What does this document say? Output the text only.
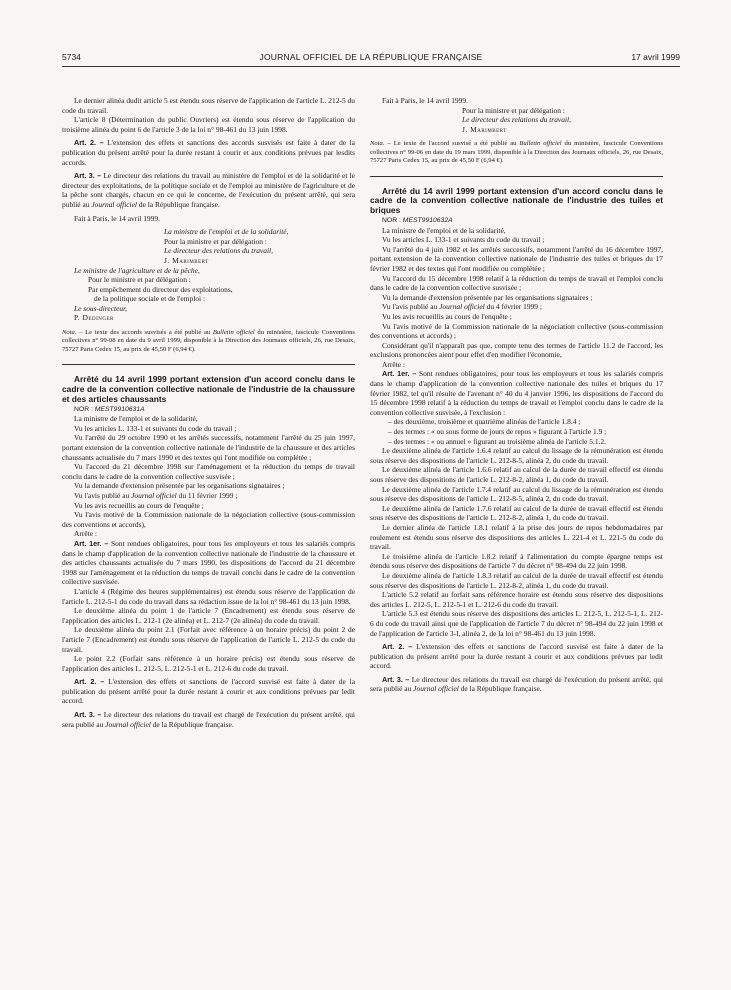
5734	JOURNAL OFFICIEL DE LA RÉPUBLIQUE FRANÇAISE	17 avril 1999

Le dernier alinéa dudit article 5 est étendu sous réserve de l'application de l'article L. 212-5 du code du travail.

L'article 8 (Détermination du public Ouvriers) est étendu sous réserve de l'application du troisième alinéa du point 6 de l'article 3 de la loi n° 98-461 du 13 juin 1998.

Art. 2. – L'extension des effets et sanctions des accords susvisés est faite à dater de la publication du présent arrêté pour la durée restant à courir et aux conditions prévues par lesdits accords.

Art. 3. – Le directeur des relations du travail au ministère de l'emploi et de la solidarité et le directeur des exploitations, de la politique sociale et de l'emploi au ministère de l'agriculture et de la pêche sont chargés, chacun en ce qui le concerne, de l'exécution du présent arrêté, qui sera publié au Journal officiel de la République française.

Fait à Paris, le 14 avril 1999.

La ministre de l'emploi et de la solidarité,

Pour la ministre et par délégation :

Le directeur des relations du travail,

J. Marimbert

Le ministre de l'agriculture et de la pêche,

Pour le ministre et par délégation :

Par empêchement du directeur des exploitations,

de la politique sociale et de l'emploi :

Le sous-directeur,

P. Dedinger

Nota. – Le texte des accords susvisés a été publié au Bulletin officiel du ministère, fascicule Conventions collectives n° 99-08 en date du 9 avril 1999, disponible à la Direction des Journaux officiels, 26, rue Desaix, 75727 Paris Cedex 15, au prix de 45,50 F (6,94 €).

Arrêté du 14 avril 1999 portant extension d'un accord conclu dans le cadre de la convention collective nationale de l'industrie de la chaussure et des articles chaussants

NOR : MESТ9910631A

La ministre de l'emploi et de la solidarité,

Vu les articles L. 133-1 et suivants du code du travail ;

Vu l'arrêté du 29 octobre 1990 et les arrêtés successifs, notamment l'arrêté du 25 juin 1997, portant extension de la convention collective nationale de l'industrie de la chaussure et des articles chaussants actualisée du 7 mars 1990 et des textes qui l'ont modifiée ou complétée ;

Vu l'accord du 21 décembre 1998 sur l'aménagement et la réduction du temps de travail conclu dans le cadre de la convention collective susvisée ;

Vu la demande d'extension présentée par les organisations signataires ;

Vu l'avis publié au Journal officiel du 11 février 1999 ;

Vu les avis recueillis au cours de l'enquête ;

Vu l'avis motivé de la Commission nationale de la négociation collective (sous-commission des conventions et accords),

Arrête :

Art. 1er. – Sont rendues obligatoires, pour tous les employeurs et tous les salariés compris dans le champ d'application de la convention collective nationale de l'industrie de la chaussure et des articles chaussants actualisée du 7 mars 1990, les dispositions de l'accord du 21 décembre 1998 sur l'aménagement et la réduction du temps de travail conclu dans le cadre de la convention collective susvisée.

L'article 4 (Régime des heures supplémentaires) est étendu sous réserve de l'application de l'article L. 212-5-1 du code du travail dans sa rédaction issue de la loi n° 98-461 du 13 juin 1998.

Le deuxième alinéa du point 1 de l'article 7 (Encadrement) est étendu sous réserve de l'application des articles L. 212-1 (2e alinéa) et L. 212-7 (2e alinéa) du code du travail.

Le deuxième alinéa du point 2.1 (Forfait avec référence à un horaire précis) du point 2 de l'article 7 (Encadrement) est étendu sous réserve de l'application de l'article L. 212-5 du code du travail.

Le point 2.2 (Forfait sans référence à un horaire précis) est étendu sous réserve de l'application des articles L. 212-5, L. 212-5-1 et L. 212-6 du code du travail.

Art. 2. – L'extension des effets et sanctions de l'accord susvisé est faite à dater de la publication du présent arrêté pour la durée restant à courir et aux conditions prévues par ledit accord.

Art. 3. – Le directeur des relations du travail est chargé de l'exécution du présent arrêté, qui sera publié au Journal officiel de la République française.

Fait à Paris, le 14 avril 1999.

Pour la ministre et par délégation :

Le directeur des relations du travail,

J. Marimbert

Nota. – Le texte de l'accord susvisé a été publié au Bulletin officiel du ministère, fascicule Conventions collectives n° 99-06 en date du 19 mars 1999, disponible à la Direction des Journaux officiels, 26, rue Desaix, 75727 Paris Cedex 15, au prix de 45,50 F (6,94 €).

Arrêté du 14 avril 1999 portant extension d'un accord conclu dans le cadre de la convention collective nationale de l'industrie des tuiles et briques

NOR : MEST9910632A

La ministre de l'emploi et de la solidarité,

Vu les articles L. 133-1 et suivants du code du travail ;

Vu l'arrêté du 4 juin 1982 et les arrêtés successifs, notamment l'arrêté du 16 décembre 1997, portant extension de la convention collective nationale de l'industrie des tuiles et briques du 17 février 1982 et des textes qui l'ont modifiée ou complétée ;

Vu l'accord du 15 décembre 1998 relatif à la réduction du temps de travail et l'emploi conclu dans le cadre de la convention collective susvisée ;

Vu la demande d'extension présentée par les organisations signataires ;

Vu l'avis publié au Journal officiel du 4 février 1999 ;

Vu les avis recueillis au cours de l'enquête ;

Vu l'avis motivé de la Commission nationale de la négociation collective (sous-commission des conventions et accords) ;

Considérant qu'il n'apparaît pas que, compte tenu des termes de l'article 11.2 de l'accord, les exclusions prononcées aient pour effet d'en modifier l'économie,

Arrête :

Art. 1er. – Sont rendues obligatoires, pour tous les employeurs et tous les salariés compris dans le champ d'application de la convention collective nationale des tuiles et briques du 17 février 1982, tel qu'il résulte de l'avenant n° 40 du 4 janvier 1996, les dispositions de l'accord du 15 décembre 1998 relatif à la réduction du temps de travail et l'emploi conclu dans le cadre de la convention collective susvisée, à l'exclusion :

– des deuxième, troisième et quatrième alinéas de l'article 1.8.4 ;

– des termes : « ou sous forme de jours de repos » figurant à l'article 1.9 ;

– des termes : « ou annuel » figurant au troisième alinéa de l'article 5.1.2.

Le deuxième alinéa de l'article 1.6.4 relatif au calcul du lissage de la rémunération est étendu sous réserve des dispositions de l'article L. 212-8-5, alinéa 2, du code du travail.

Le deuxième alinéa de l'article 1.6.6 relatif au calcul de la durée de travail effectif est étendu sous réserve des dispositions de l'article L. 212-8-2, alinéa 1, du code du travail.

Le deuxième alinéa de l'article 1.7.4 relatif au calcul du lissage de la rémunération est étendu sous réserve des dispositions de l'article L. 212-8-5, alinéa 2, du code du travail.

Le deuxième alinéa de l'article 1.7.6 relatif au calcul de la durée de travail effectif est étendu sous réserve des dispositions de l'article L. 212-8-2, alinéa 1, du code du travail.

Le dernier alinéa de l'article 1.8.1 relatif à la prise des jours de repos hebdomadaires par roulement est étendu sous réserve des dispositions des articles L. 221-4 et L. 221-5 du code du travail.

Le troisième alinéa de l'article 1.8.2 relatif à l'alimentation du compte épargne temps est étendu sous réserve des dispositions de l'article 7 du décret n° 98-494 du 22 juin 1998.

Le deuxième alinéa de l'article 1.8.3 relatif au calcul de la durée de travail effectif est étendu sous réserve des dispositions de l'article L. 212-8-2, alinéa 1, du code du travail.

L'article 5.2 relatif au forfait sans référence horaire est étendu sous réserve des dispositions des articles L. 212-5, L. 212-5-1 et L. 212-6 du code du travail.

L'article 5.3 est étendu sous réserve des dispositions des articles L. 212-5, L. 212-5-1, L. 212-6 du code du travail ainsi que de l'application de l'article 7 du décret n° 98-494 du 22 juin 1998 et de l'application de l'article 3-I, alinéa 2, de la loi n° 98-461 du 13 juin 1998.

Art. 2. – L'extension des effets et sanctions de l'accord susvisé est faite à dater de la publication du présent arrêté pour la durée restant à courir et aux conditions prévues par ledit accord.

Art. 3. – Le directeur des relations du travail est chargé de l'exécution du présent arrêté, qui sera publié au Journal officiel de la République française.
